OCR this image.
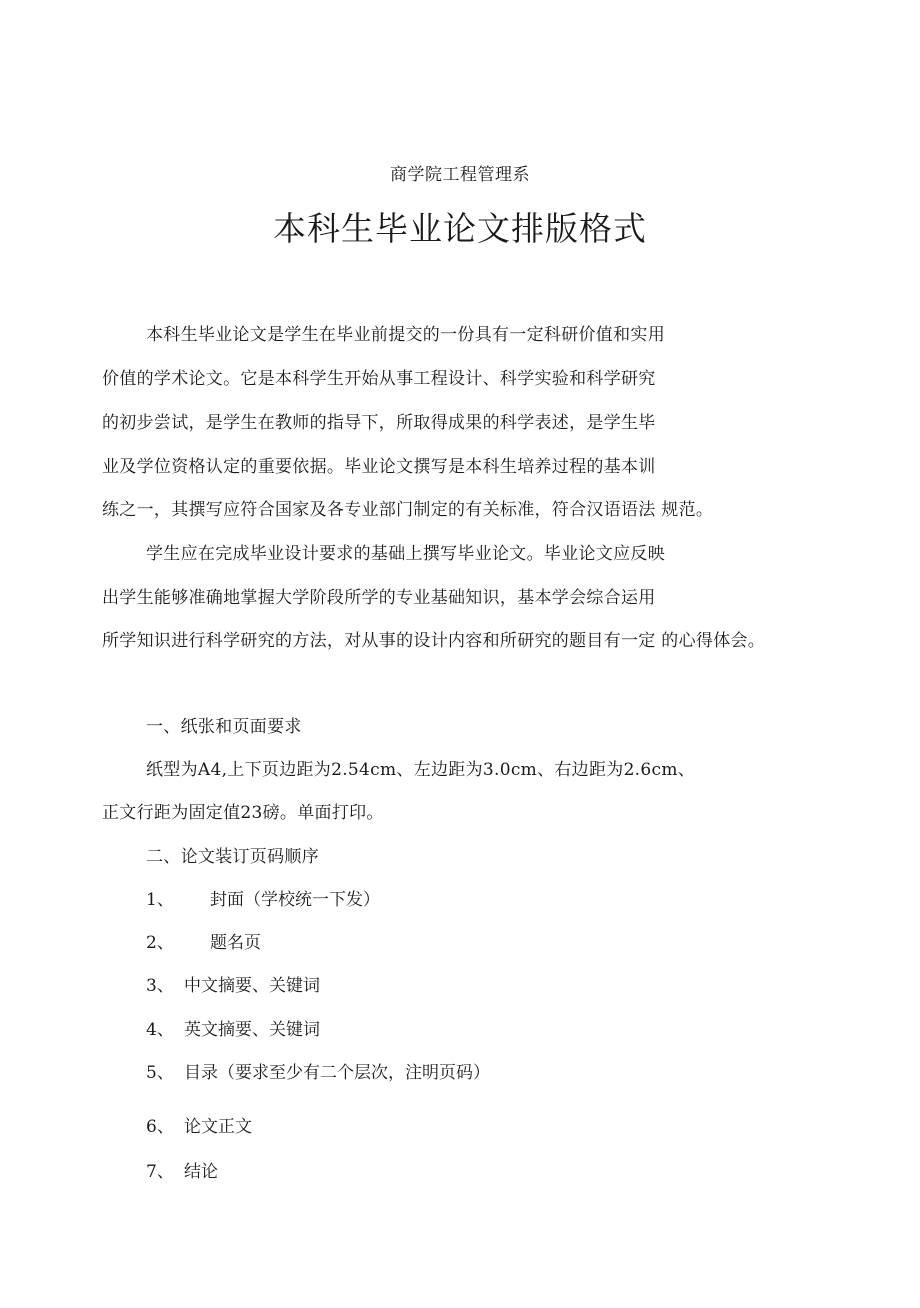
商学院工程管理系
本科生毕业论文排版格式
本科生毕业论文是学生在毕业前提交的一份具有一定科研价值和实用
价值的学术论文。它是本科学生开始从事工程设计、科学实验和科学研究
的初步尝试，是学生在教师的指导下，所取得成果的科学表述，是学生毕
业及学位资格认定的重要依据。毕业论文撰写是本科生培养过程的基本训
练之一，其撰写应符合国家及各专业部门制定的有关标准，符合汉语语法 规范。
学生应在完成毕业设计要求的基础上撰写毕业论文。毕业论文应反映
出学生能够准确地掌握大学阶段所学的专业基础知识，基本学会综合运用
所学知识进行科学研究的方法，对从事的设计内容和所研究的题目有一定 的心得体会。
一、纸张和页面要求
纸型为A4,上下页边距为2.54cm、左边距为3.0cm、右边距为2.6cm、
正文行距为固定值23磅。单面打印。
二、论文装订页码顺序
1、 封面（学校统一下发）
2、 题名页
3、 中文摘要、关键词
4、 英文摘要、关键词
5、 目录（要求至少有二个层次，注明页码）
6、 论文正文
7、 结论
